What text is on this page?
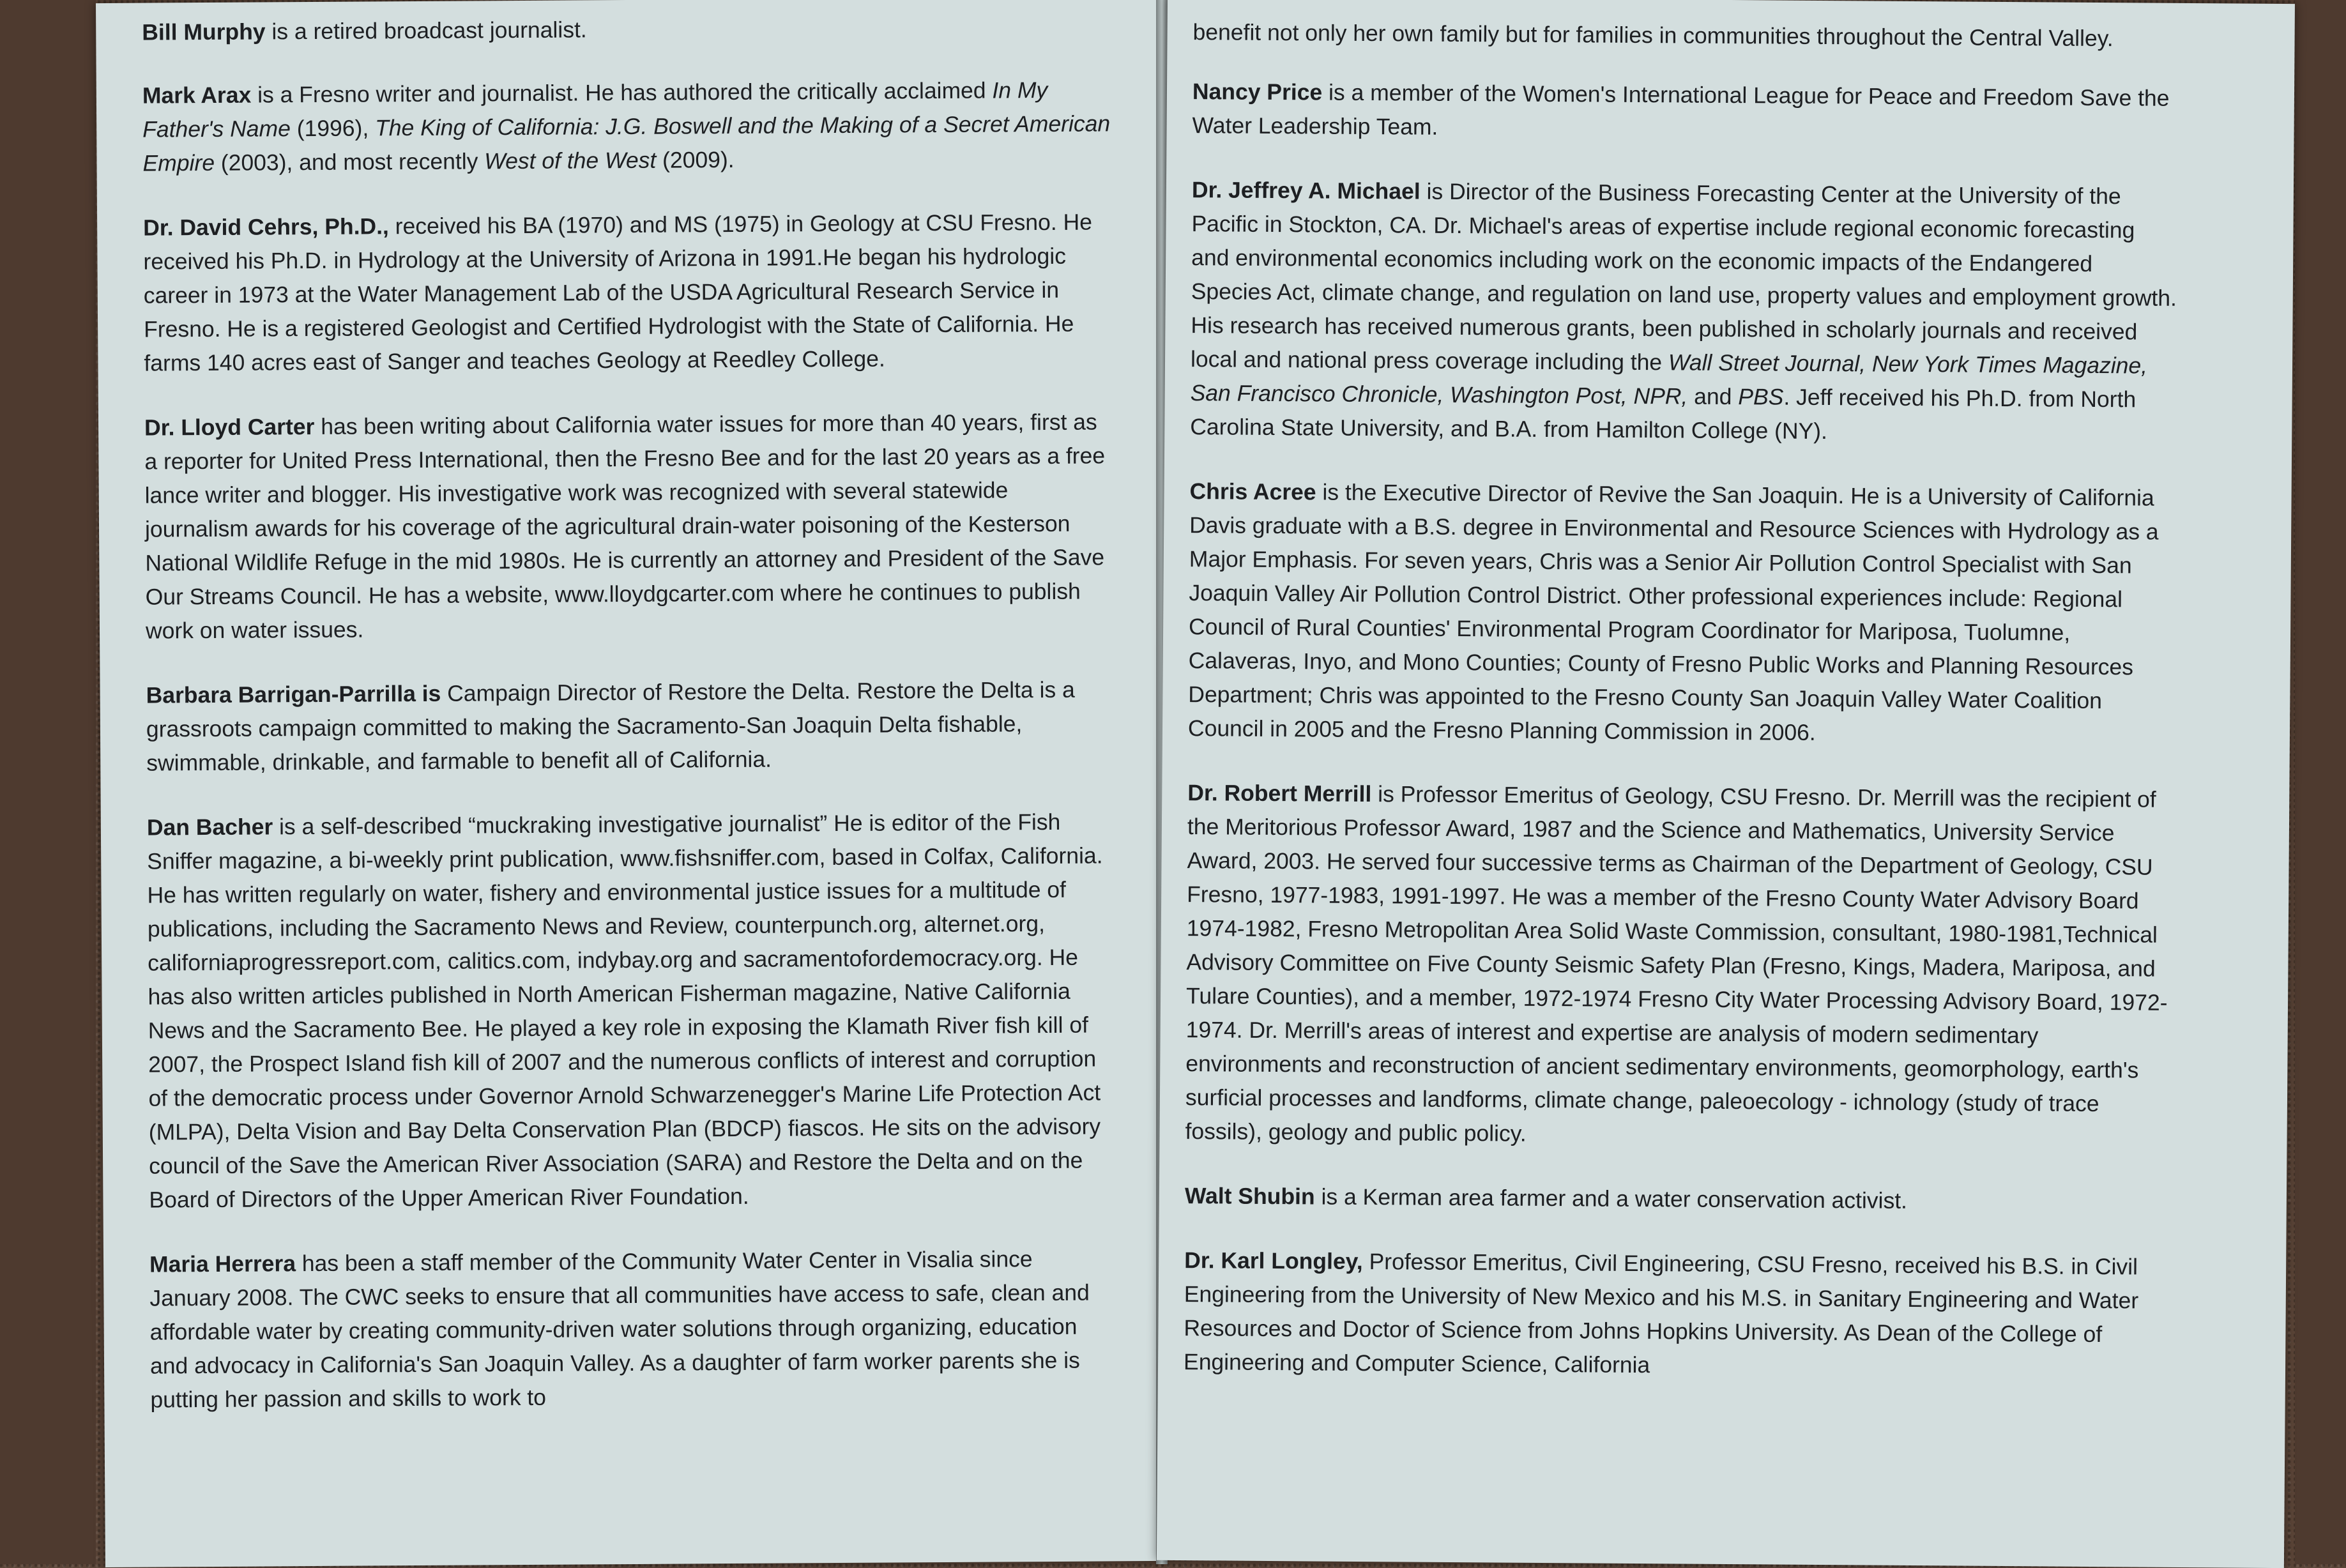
Bill Murphy is a retired broadcast journalist.

Mark Arax is a Fresno writer and journalist. He has authored the critically acclaimed In My Father's Name (1996), The King of California: J.G. Boswell and the Making of a Secret American Empire (2003), and most recently West of the West (2009).

Dr. David Cehrs, Ph.D., received his BA (1970) and MS (1975) in Geology at CSU Fresno. He received his Ph.D. in Hydrology at the University of Arizona in 1991.He began his hydrologic career in 1973 at the Water Management Lab of the USDA Agricultural Research Service in Fresno. He is a registered Geologist and Certified Hydrologist with the State of California. He farms 140 acres east of Sanger and teaches Geology at Reedley College.

Dr. Lloyd Carter has been writing about California water issues for more than 40 years, first as a reporter for United Press International, then the Fresno Bee and for the last 20 years as a free lance writer and blogger. His investigative work was recognized with several statewide journalism awards for his coverage of the agricultural drain-water poisoning of the Kesterson National Wildlife Refuge in the mid 1980s. He is currently an attorney and President of the Save Our Streams Council. He has a website, www.lloydgcarter.com where he continues to publish work on water issues.

Barbara Barrigan-Parrilla is Campaign Director of Restore the Delta. Restore the Delta is a grassroots campaign committed to making the Sacramento-San Joaquin Delta fishable, swimmable, drinkable, and farmable to benefit all of California.

Dan Bacher is a self-described “muckraking investigative journalist” He is editor of the Fish Sniffer magazine, a bi-weekly print publication, www.fishsniffer.com, based in Colfax, California. He has written regularly on water, fishery and environmental justice issues for a multitude of publications, including the Sacramento News and Review, counterpunch.org, alternet.org, californiaprogressreport.com, calitics.com, indybay.org and sacramentofordemocracy.org. He has also written articles published in North American Fisherman magazine, Native California News and the Sacramento Bee. He played a key role in exposing the Klamath River fish kill of 2007, the Prospect Island fish kill of 2007 and the numerous conflicts of interest and corruption of the democratic process under Governor Arnold Schwarzenegger's Marine Life Protection Act (MLPA), Delta Vision and Bay Delta Conservation Plan (BDCP) fiascos. He sits on the advisory council of the Save the American River Association (SARA) and Restore the Delta and on the Board of Directors of the Upper American River Foundation.

Maria Herrera has been a staff member of the Community Water Center in Visalia since January 2008. The CWC seeks to ensure that all communities have access to safe, clean and affordable water by creating community-driven water solutions through organizing, education and advocacy in California's San Joaquin Valley. As a daughter of farm worker parents she is putting her passion and skills to work to

benefit not only her own family but for families in communities throughout the Central Valley.

Nancy Price is a member of the Women's International League for Peace and Freedom Save the Water Leadership Team.

Dr. Jeffrey A. Michael is Director of the Business Forecasting Center at the University of the Pacific in Stockton, CA. Dr. Michael's areas of expertise include regional economic forecasting and environmental economics including work on the economic impacts of the Endangered Species Act, climate change, and regulation on land use, property values and employment growth. His research has received numerous grants, been published in scholarly journals and received local and national press coverage including the Wall Street Journal, New York Times Magazine, San Francisco Chronicle, Washington Post, NPR, and PBS. Jeff received his Ph.D. from North Carolina State University, and B.A. from Hamilton College (NY).

Chris Acree is the Executive Director of Revive the San Joaquin. He is a University of California Davis graduate with a B.S. degree in Environmental and Resource Sciences with Hydrology as a Major Emphasis. For seven years, Chris was a Senior Air Pollution Control Specialist with San Joaquin Valley Air Pollution Control District. Other professional experiences include: Regional Council of Rural Counties' Environmental Program Coordinator for Mariposa, Tuolumne, Calaveras, Inyo, and Mono Counties; County of Fresno Public Works and Planning Resources Department; Chris was appointed to the Fresno County San Joaquin Valley Water Coalition Council in 2005 and the Fresno Planning Commission in 2006.

Dr. Robert Merrill is Professor Emeritus of Geology, CSU Fresno. Dr. Merrill was the recipient of the Meritorious Professor Award, 1987 and the Science and Mathematics, University Service Award, 2003. He served four successive terms as Chairman of the Department of Geology, CSU Fresno, 1977-1983, 1991-1997. He was a member of the Fresno County Water Advisory Board 1974-1982, Fresno Metropolitan Area Solid Waste Commission, consultant, 1980-1981,Technical Advisory Committee on Five County Seismic Safety Plan (Fresno, Kings, Madera, Mariposa, and Tulare Counties), and a member, 1972-1974 Fresno City Water Processing Advisory Board, 1972-1974. Dr. Merrill's areas of interest and expertise are analysis of modern sedimentary environments and reconstruction of ancient sedimentary environments, geomorphology, earth's surficial processes and landforms, climate change, paleoecology - ichnology (study of trace fossils), geology and public policy.

Walt Shubin is a Kerman area farmer and a water conservation activist.

Dr. Karl Longley, Professor Emeritus, Civil Engineering, CSU Fresno, received his B.S. in Civil Engineering from the University of New Mexico and his M.S. in Sanitary Engineering and Water Resources and Doctor of Science from Johns Hopkins University. As Dean of the College of Engineering and Computer Science, California
